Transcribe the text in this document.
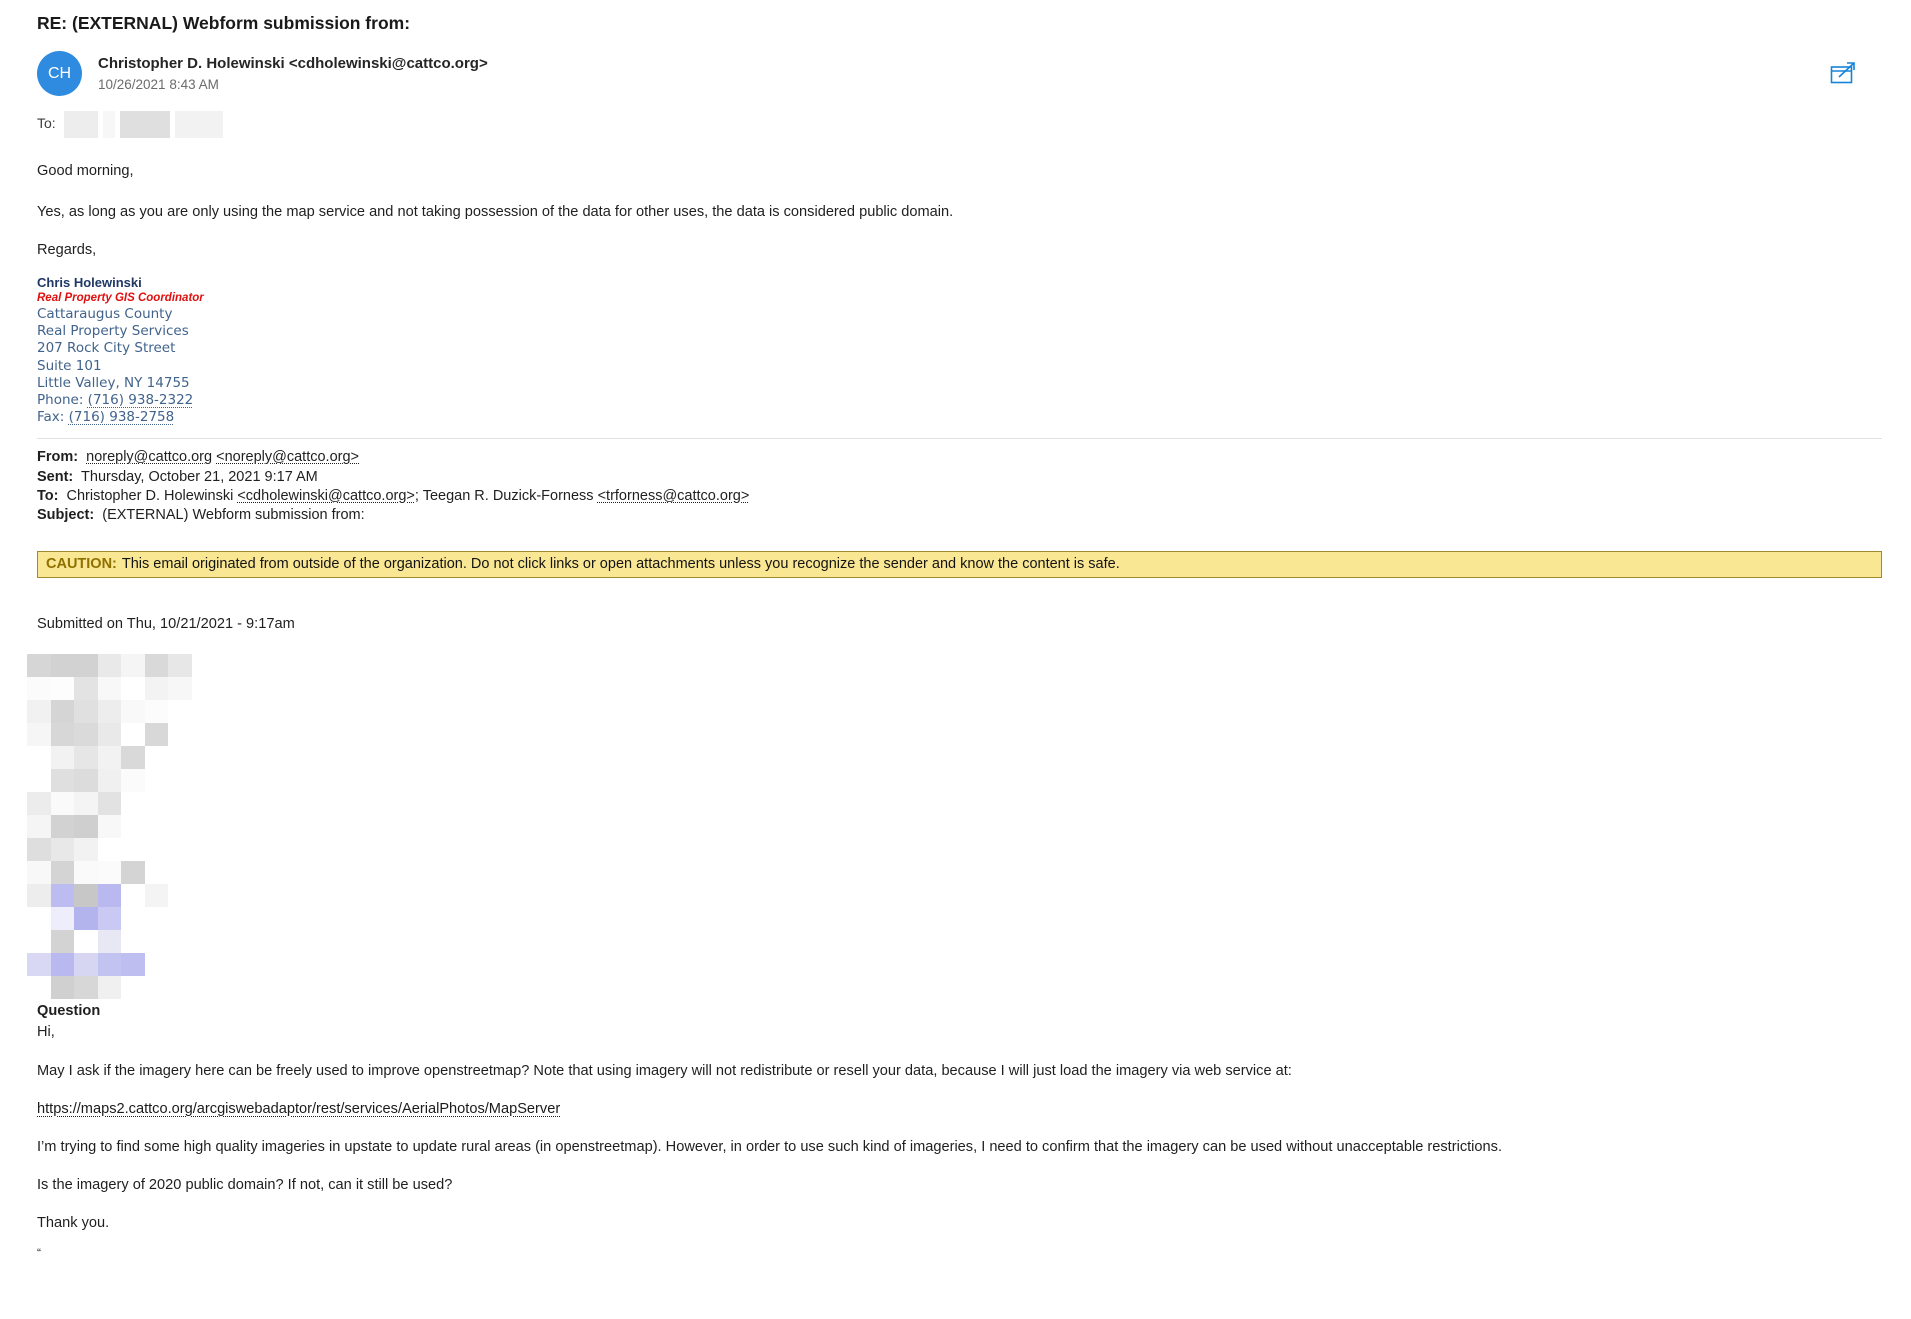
RE: (EXTERNAL) Webform submission from:
CH
Christopher D. Holewinski <cdholewinski@cattco.org>
10/26/2021 8:43 AM
To:
Good morning,
Yes, as long as you are only using the map service and not taking possession of the data for other uses, the data is considered public domain.
Regards,
Chris Holewinski
Real Property GIS Coordinator
Cattaraugus County
Real Property Services
207 Rock City Street
Suite 101
Little Valley, NY 14755
Phone: (716) 938-2322
Fax: (716) 938-2758
From: noreply@cattco.org <noreply@cattco.org>
Sent: Thursday, October 21, 2021 9:17 AM
To: Christopher D. Holewinski <cdholewinski@cattco.org>; Teegan R. Duzick-Forness <trforness@cattco.org>
Subject: (EXTERNAL) Webform submission from:
CAUTION: This email originated from outside of the organization. Do not click links or open attachments unless you recognize the sender and know the content is safe.
Submitted on Thu, 10/21/2021 - 9:17am
Question
Hi,
May I ask if the imagery here can be freely used to improve openstreetmap? Note that using imagery will not redistribute or resell your data, because I will just load the imagery via web service at:
https://maps2.cattco.org/arcgiswebadaptor/rest/services/AerialPhotos/MapServer
I’m trying to find some high quality imageries in upstate to update rural areas (in openstreetmap). However, in order to use such kind of imageries, I need to confirm that the imagery can be used without unacceptable restrictions.
Is the imagery of 2020 public domain? If not, can it still be used?
Thank you.
“
